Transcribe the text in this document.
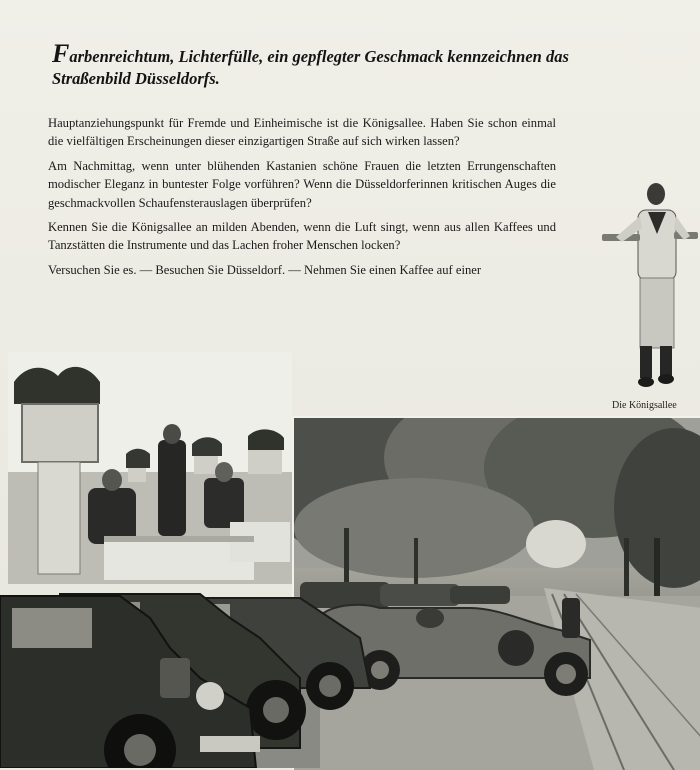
Farbenreichtum, Lichterfülle, ein gepflegter Geschmack kennzeichnen das Straßenbild Düsseldorfs.

Hauptanziehungspunkt für Fremde und Einheimische ist die Königsallee. Haben Sie schon einmal die vielfältigen Erscheinungen dieser einzigartigen Straße auf sich wirken lassen?

Am Nachmittag, wenn unter blühenden Kastanien schöne Frauen die letzten Errungenschaften modischer Eleganz in buntester Folge vorführen? Wenn die Düsseldorferinnen kritischen Auges die geschmackvollen Schaufensterauslagen überprüfen?

Kennen Sie die Königsallee an milden Abenden, wenn die Luft singt, wenn aus allen Kaffees und Tanzstätten die Instrumente und das Lachen froher Menschen locken?

Versuchen Sie es. — Besuchen Sie Düsseldorf. — Nehmen Sie einen Kaffee auf einer

Die Königsallee
